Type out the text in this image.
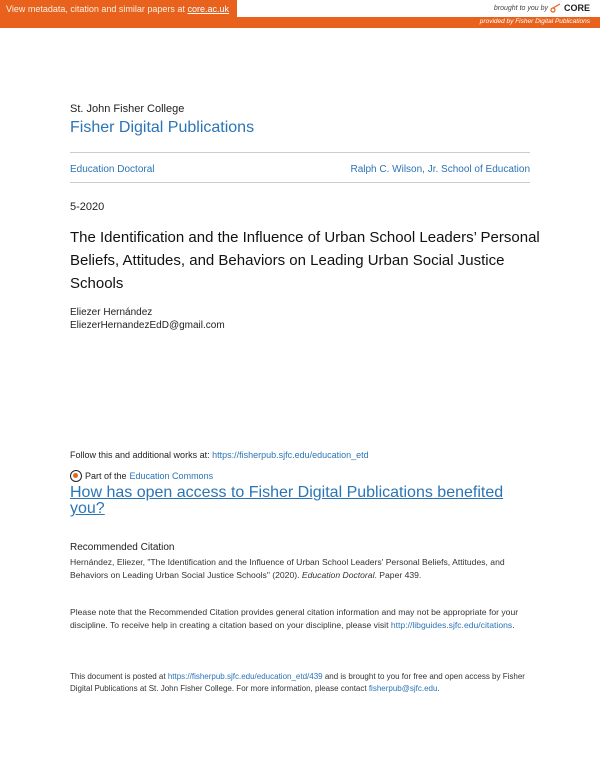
View metadata, citation and similar papers at core.ac.uk	brought to you by CORE
provided by Fisher Digital Publications
St. John Fisher College
Fisher Digital Publications
Education Doctoral	Ralph C. Wilson, Jr. School of Education
5-2020
The Identification and the Influence of Urban School Leaders’ Personal Beliefs, Attitudes, and Behaviors on Leading Urban Social Justice Schools
Eliezer Hernández
EliezerHernandezEdD@gmail.com
Follow this and additional works at: https://fisherpub.sjfc.edu/education_etd
Part of the Education Commons
How has open access to Fisher Digital Publications benefited you?
Recommended Citation
Hernández, Eliezer, "The Identification and the Influence of Urban School Leaders' Personal Beliefs, Attitudes, and Behaviors on Leading Urban Social Justice Schools" (2020). Education Doctoral. Paper 439.
Please note that the Recommended Citation provides general citation information and may not be appropriate for your discipline. To receive help in creating a citation based on your discipline, please visit http://libguides.sjfc.edu/citations.
This document is posted at https://fisherpub.sjfc.edu/education_etd/439 and is brought to you for free and open access by Fisher Digital Publications at St. John Fisher College. For more information, please contact fisherpub@sjfc.edu.
